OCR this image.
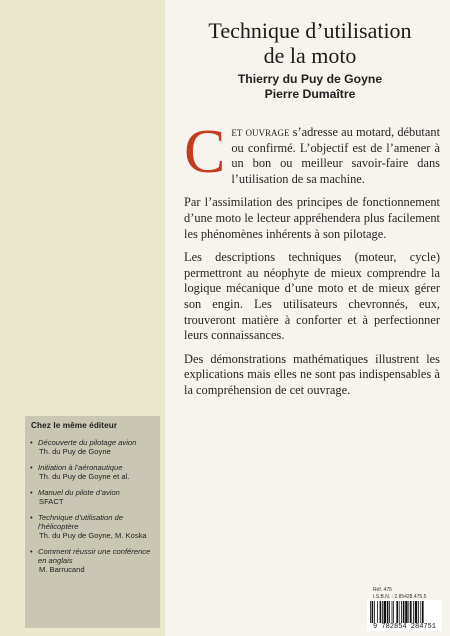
Technique d’utilisation
de la moto
Thierry du Puy de Goyne
Pierre Dumaître

Cet ouvrage s’adresse au motard, débutant ou confirmé. L’objectif est de l’amener à un bon ou meilleur savoir-faire dans l’utilisation de sa machine.

Par l’assimilation des principes de fonctionnement d’une moto le lecteur appréhendera plus facilement les phénomènes inhérents à son pilotage.

Les descriptions techniques (moteur, cycle) permettront au néophyte de mieux comprendre la logique mécanique d’une moto et de mieux gérer son engin. Les utilisateurs chevronnés, eux, trouveront matière à conforter et à perfectionner leurs connaissances.

Des démonstrations mathématiques illustrent les explications mais elles ne sont pas indispensables à la compréhension de cet ouvrage.

Chez le même éditeur
• Découverte du pilotage avion
Th. du Puy de Goyne
• Initiation à l’aéronautique
Th. du Puy de Goyne et al.
• Manuel du pilote d’avion
SFACT
• Technique d’utilisation de l’hélicoptère
Th. du Puy de Goyne, M. Koska
• Comment réussir une conférence en anglais
M. Barrucand
Réf. 475
I.S.B.N. : 2.85428.475.5
9 782854 284751
